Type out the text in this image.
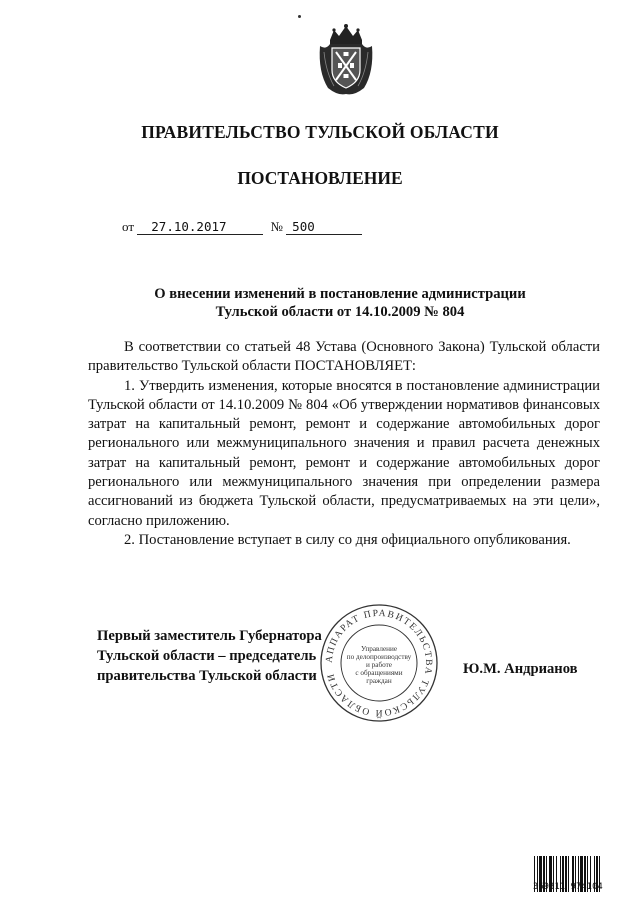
ПРАВИТЕЛЬСТВО ТУЛЬСКОЙ ОБЛАСТИ
ПОСТАНОВЛЕНИЕ
от 27.10.2017	№ 500
О внесении изменений в постановление администрации
Тульской области от 14.10.2009 № 804

В соответствии со статьей 48 Устава (Основного Закона) Тульской области правительство Тульской области ПОСТАНОВЛЯЕТ:

1. Утвердить изменения, которые вносятся в постановление администрации Тульской области от 14.10.2009 № 804 «Об утверждении нормативов финансовых затрат на капитальный ремонт, ремонт и содержание автомобильных дорог регионального или межмуниципального значения и правил расчета денежных затрат на капитальный ремонт, ремонт и содержание автомобильных дорог регионального или межмуниципального значения при определении размера ассигнований из бюджета Тульской области, предусматриваемых на эти цели», согласно приложению.

2. Постановление вступает в силу со дня официального опубликования.

АППАРАТ ПРАВИТЕЛЬСТВА ТУЛЬСКОЙ ОБЛАСТИ
Управление
по делопроизводству
и работе
с обращениями
граждан
Первый заместитель Губернатора
Тульской области – председатель
правительства Тульской области	Ю.М. Андрианов
369311 974104
